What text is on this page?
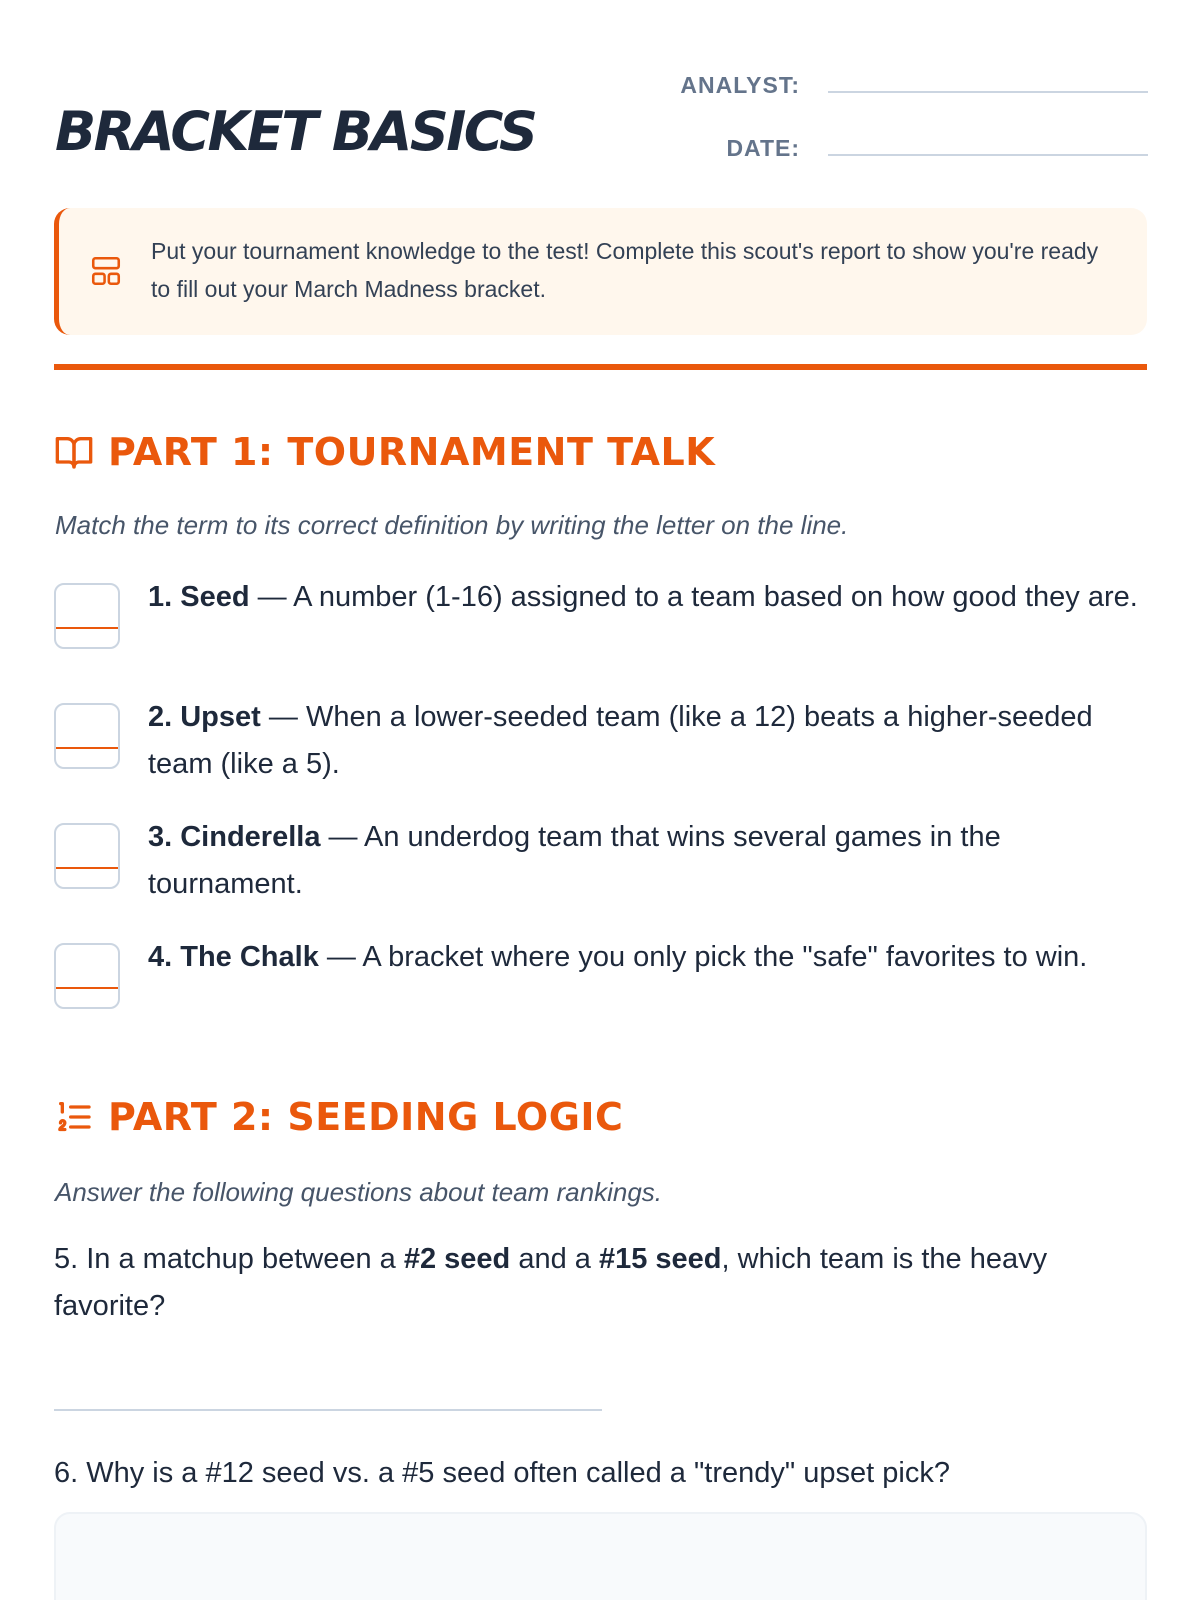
BRACKET BASICS
ANALYST:
DATE:
Put your tournament knowledge to the test! Complete this scout's report to show you're ready to fill out your March Madness bracket.
PART 1: TOURNAMENT TALK

Match the term to its correct definition by writing the letter on the line.

1. Seed — A number (1-16) assigned to a team based on how good they are.

2. Upset — When a lower-seeded team (like a 12) beats a higher-seeded team (like a 5).

3. Cinderella — An underdog team that wins several games in the tournament.

4. The Chalk — A bracket where you only pick the "safe" favorites to win.

PART 2: SEEDING LOGIC

Answer the following questions about team rankings.

5. In a matchup between a #2 seed and a #15 seed, which team is the heavy favorite?

6. Why is a #12 seed vs. a #5 seed often called a "trendy" upset pick?
